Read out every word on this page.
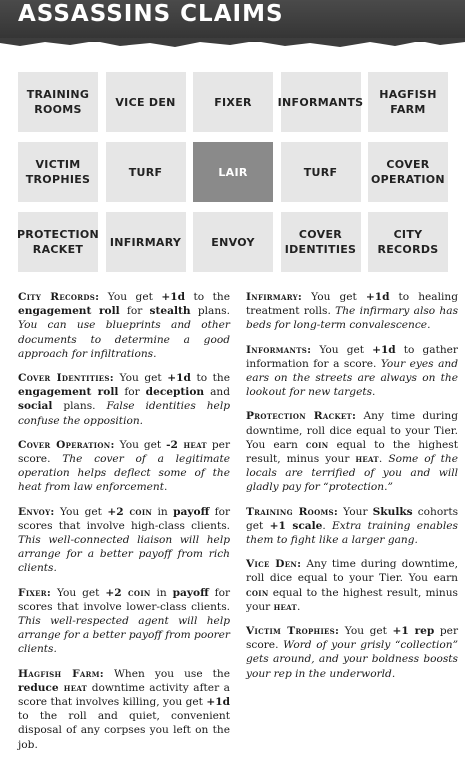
ASSASSINS CLAIMS
TRAINING
ROOMS
VICE DEN	FIXER	INFORMANTS
HAGFISH
FARM
VICTIM
TROPHIES
TURF	LAIR	TURF
COVER
OPERATION
PROTECTION
RACKET
INFIRMARY	ENVOY
COVER
IDENTITIES
CITY
RECORDS

City Records: You get +1d to the engagement roll for stealth plans. You can use blueprints and other documents to determine a good approach for infiltrations.

Cover Identities: You get +1d to the engagement roll for deception and social plans. False identities help confuse the opposition.

Cover Operation: You get -2 heat per score. The cover of a legitimate operation helps deflect some of the heat from law enforcement.

Envoy: You get +2 coin in payoff for scores that involve high-class clients. This well-connected liaison will help arrange for a better payoff from rich clients.

Fixer: You get +2 coin in payoff for scores that involve lower-class clients. This well-respected agent will help arrange for a better payoff from poorer clients.

Hagfish Farm: When you use the reduce heat downtime activity after a score that involves killing, you get +1d to the roll and quiet, convenient disposal of any corpses you left on the job.

Infirmary: You get +1d to healing treatment rolls. The infirmary also has beds for long-term convalescence.

Informants: You get +1d to gather information for a score. Your eyes and ears on the streets are always on the lookout for new targets.

Protection Racket: Any time during downtime, roll dice equal to your Tier. You earn coin equal to the highest result, minus your heat. Some of the locals are terrified of you and will gladly pay for “protection.”

Training Rooms: Your Skulks cohorts get +1 scale. Extra training enables them to fight like a larger gang.

Vice Den: Any time during downtime, roll dice equal to your Tier. You earn coin equal to the highest result, minus your heat.

Victim Trophies: You get +1 rep per score. Word of your grisly “collection” gets around, and your boldness boosts your rep in the underworld.
